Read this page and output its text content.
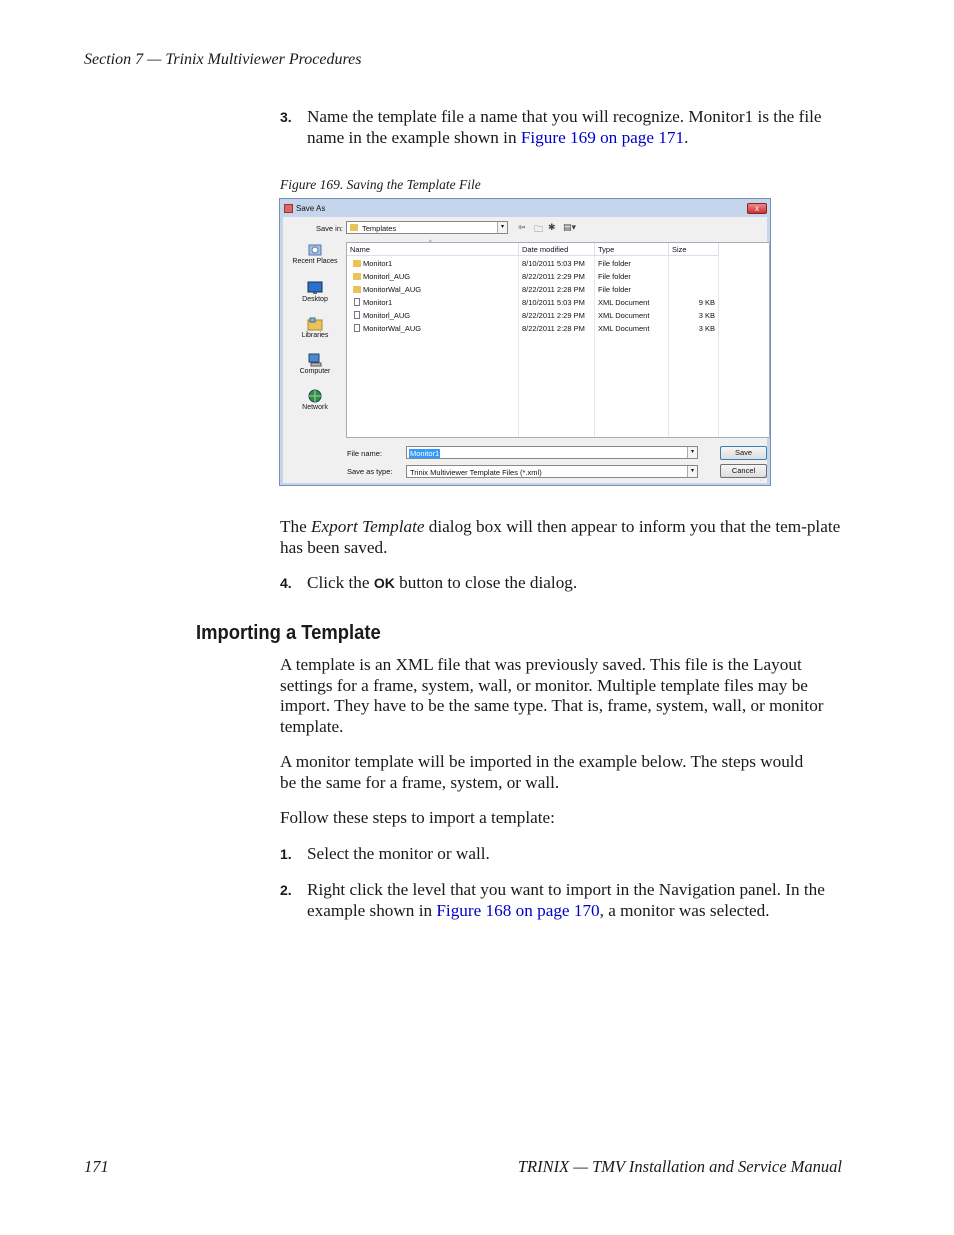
Section 7 — Trinix Multiviewer Procedures
3. Name the template file a name that you will recognize. Monitor1 is the file name in the example shown in Figure 169 on page 171.
Figure 169. Saving the Template File
Save As	x
Save in:	Templates	▾	⇦ 🗀 ✱ ▤▾
Recent Places
Desktop
Libraries
Computer
Network
Name	Date modified	Type	Size
^
Monitor1	8/10/2011 5:03 PM File folder
Monitorl_AUG	8/22/2011 2:29 PM File folder
MonitorWal_AUG	8/22/2011 2:28 PM File folder
Monitor1	8/10/2011 5:03 PM XML Document	9 KB
Monitorl_AUG	8/22/2011 2:29 PM XML Document	3 KB
MonitorWal_AUG	8/22/2011 2:28 PM XML Document	3 KB
File name:	Monitor1	▾
Save as type: Trinix Multiviewer Template Files (*.xml)	▾
Save
Cancel
⋰
The Export Template dialog box will then appear to inform you that the tem-plate has been saved.
4. Click the OK button to close the dialog.
Importing a Template
A template is an XML file that was previously saved. This file is the Layout settings for a frame, system, wall, or monitor. Multiple template files may be import. They have to be the same type. That is, frame, system, wall, or monitor template.
A monitor template will be imported in the example below. The steps would be the same for a frame, system, or wall.
Follow these steps to import a template:
1. Select the monitor or wall.
2. Right click the level that you want to import in the Navigation panel. In the example shown in Figure 168 on page 170, a monitor was selected.
171	TRINIX — TMV Installation and Service Manual
